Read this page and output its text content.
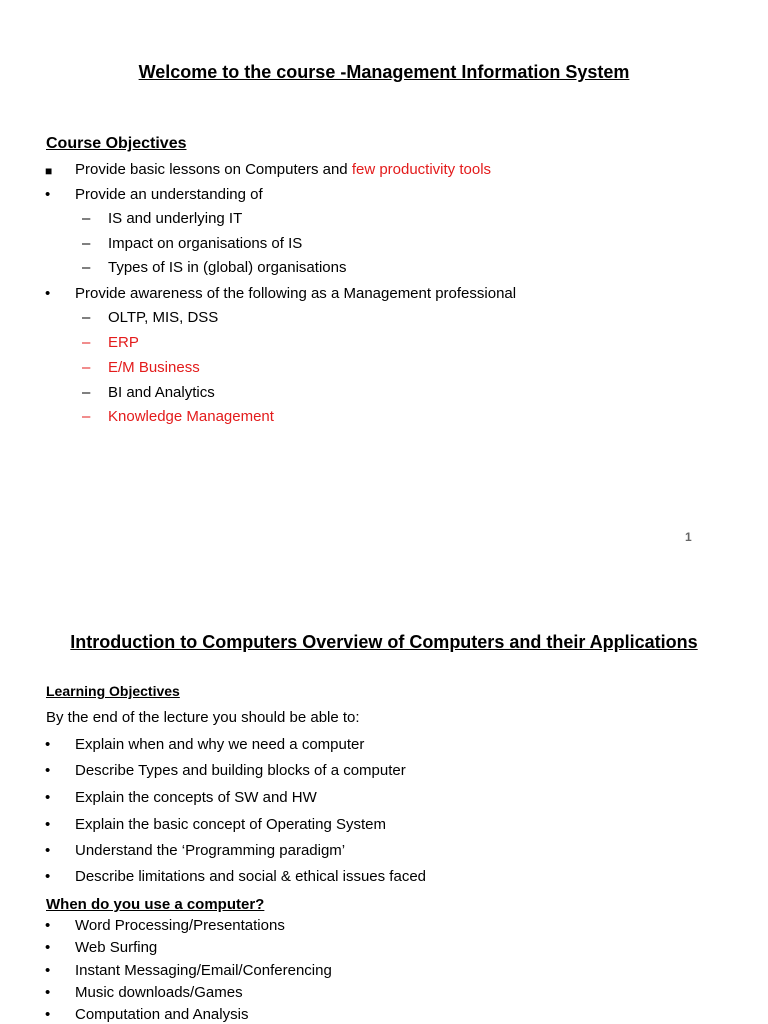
Welcome to the course -Management Information System
Course Objectives
■ Provide basic lessons on Computers and few productivity tools
• Provide an understanding of
– IS and underlying IT
– Impact on organisations of IS
– Types of IS in (global) organisations
• Provide awareness of the following as a Management professional
– OLTP, MIS, DSS
– ERP
– E/M Business
– BI and Analytics
– Knowledge Management
1
Introduction to Computers Overview of Computers and their Applications
Learning Objectives
By the end of the lecture you should be able to:
• Explain when and why we need a computer
• Describe Types and building blocks of a computer
• Explain the concepts of SW and HW
• Explain the basic concept of Operating System
• Understand the ‘Programming paradigm’
• Describe limitations and social & ethical issues faced
When do you use a computer?
• Word Processing/Presentations
• Web Surfing
• Instant Messaging/Email/Conferencing
• Music downloads/Games
• Computation and Analysis
